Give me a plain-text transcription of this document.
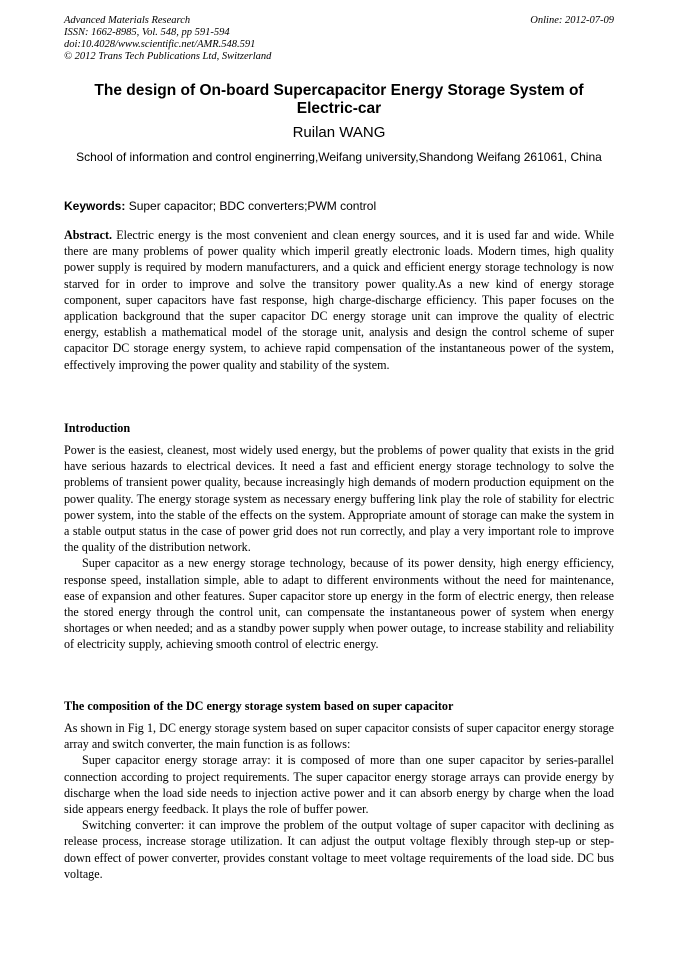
Advanced Materials Research
ISSN: 1662-8985, Vol. 548, pp 591-594
doi:10.4028/www.scientific.net/AMR.548.591
© 2012 Trans Tech Publications Ltd, Switzerland
Online: 2012-07-09
The design of On-board Supercapacitor Energy Storage System of Electric-car
Ruilan WANG
School of information and control enginerring,Weifang university,Shandong Weifang 261061, China
Keywords: Super capacitor; BDC converters;PWM control
Abstract. Electric energy is the most convenient and clean energy sources, and it is used far and wide. While there are many problems of power quality which imperil greatly electronic loads. Modern times, high quality power supply is required by modern manufacturers, and a quick and efficient energy storage technology is now starved for in order to improve and solve the transitory power quality.As a new kind of energy storage component, super capacitors have fast response, high charge-discharge efficiency. This paper focuses on the application background that the super capacitor DC energy storage unit can improve the quality of electric energy, establish a mathematical model of the storage unit, analysis and design the control scheme of super capacitor DC storage energy system, to achieve rapid compensation of the instantaneous power of the system, effectively improving the power quality and stability of the system.
Introduction

Power is the easiest, cleanest, most widely used energy, but the problems of power quality that exists in the grid have serious hazards to electrical devices. It need a fast and efficient energy storage technology to solve the problems of transient power quality, because increasingly high demands of modern production equipment on the power quality. The energy storage system as necessary energy buffering link play the role of stability for electric power system, into the stable of the effects on the system. Appropriate amount of storage can make the system in a stable output status in the case of power grid does not run correctly, and play a very important role to improve the quality of the distribution network.

Super capacitor as a new energy storage technology, because of its power density, high energy efficiency, response speed, installation simple, able to adapt to different environments without the need for maintenance, ease of expansion and other features. Super capacitor store up energy in the form of electric energy, then release the stored energy through the control unit, can compensate the instantaneous power of system when energy shortages or when needed; and as a standby power supply when power outage, to increase stability and reliability of electricity supply, achieving smooth control of electric energy.

The composition of the DC energy storage system based on super capacitor

As shown in Fig 1, DC energy storage system based on super capacitor consists of super capacitor energy storage array and switch converter, the main function is as follows:

Super capacitor energy storage array: it is composed of more than one super capacitor by series-parallel connection according to project requirements. The super capacitor energy storage arrays can provide energy by discharge when the load side needs to injection active power and it can absorb energy by charge when the load side appears energy feedback. It plays the role of buffer power.

Switching converter: it can improve the problem of the output voltage of super capacitor with declining as release process, increase storage utilization. It can adjust the output voltage flexibly through step-up or step-down effect of power converter, provides constant voltage to meet voltage requirements of the load side. DC bus voltage.
